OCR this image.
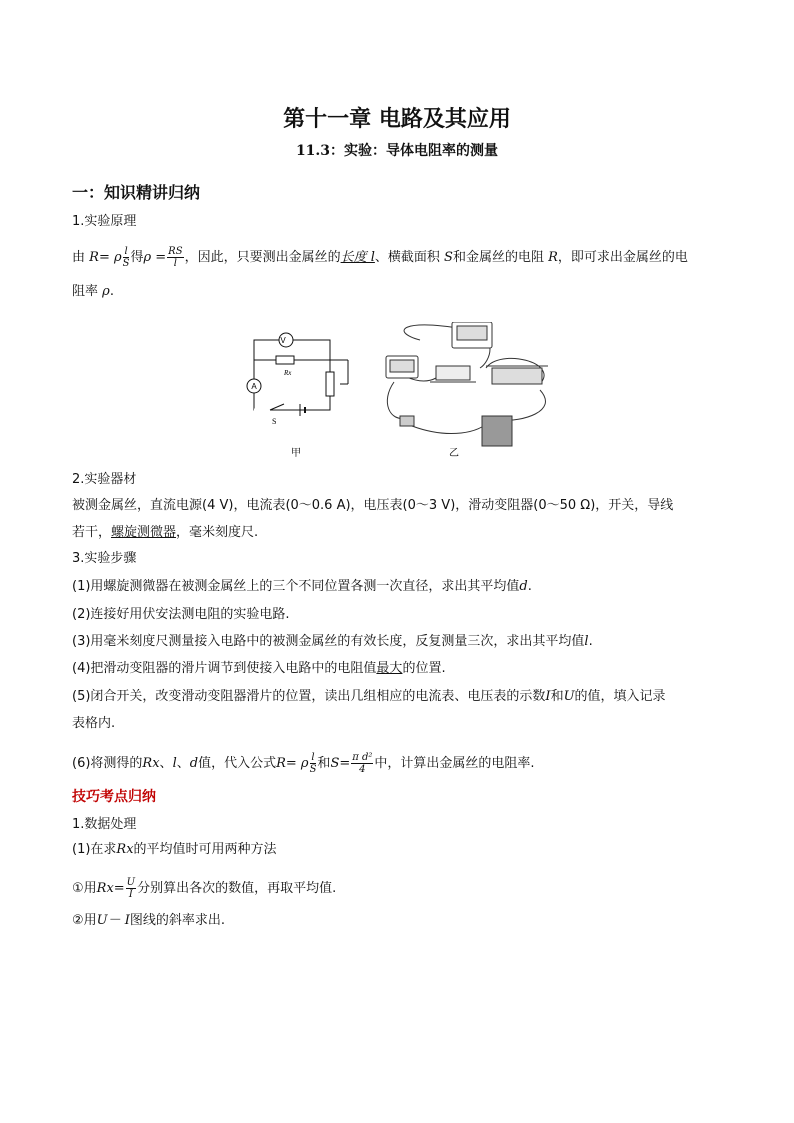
第十一章 电路及其应用
11.3：实验：导体电阻率的测量
一：知识精讲归纳
1.实验原理
由 R= ρ $\frac{l}{S}$ 得$\rho = \frac{RS}{l}$ ，因此，只要测出金属丝的长度 l、横截面积 S和金属丝的电阻 R，即可求出金属丝的电
阻率 ρ.
V
A
Rx
S
甲	乙
2.实验器材
被测金属丝，直流电源(4 V)，电流表(0～0.6 A)，电压表(0～3 V)，滑动变阻器(0～50 Ω)，开关，导线
若干，螺旋测微器，毫米刻度尺.
3.实验步骤
(1)用螺旋测微器在被测金属丝上的三个不同位置各测一次直径，求出其平均值d.
(2)连接好用伏安法测电阻的实验电路.
(3)用毫米刻度尺测量接入电路中的被测金属丝的有效长度，反复测量三次，求出其平均值l.
(4)把滑动变阻器的滑片调节到使接入电路中的电阻值最大的位置.
(5)闭合开关，改变滑动变阻器滑片的位置，读出几组相应的电流表、电压表的示数I和U的值，填入记录
表格内.
(6)将测得的Rx、l、d值，代入公式R= ρ $\frac{l}{S}$ 和$S= \frac{\text{π d²}}{4}$ 中，计算出金属丝的电阻率.
技巧考点归纳
1.数据处理
(1)在求Rx的平均值时可用两种方法
①用$Rx= \frac{U}{I}$ 分别算出各次的数值，再取平均值.
②用U－ I图线的斜率求出.
